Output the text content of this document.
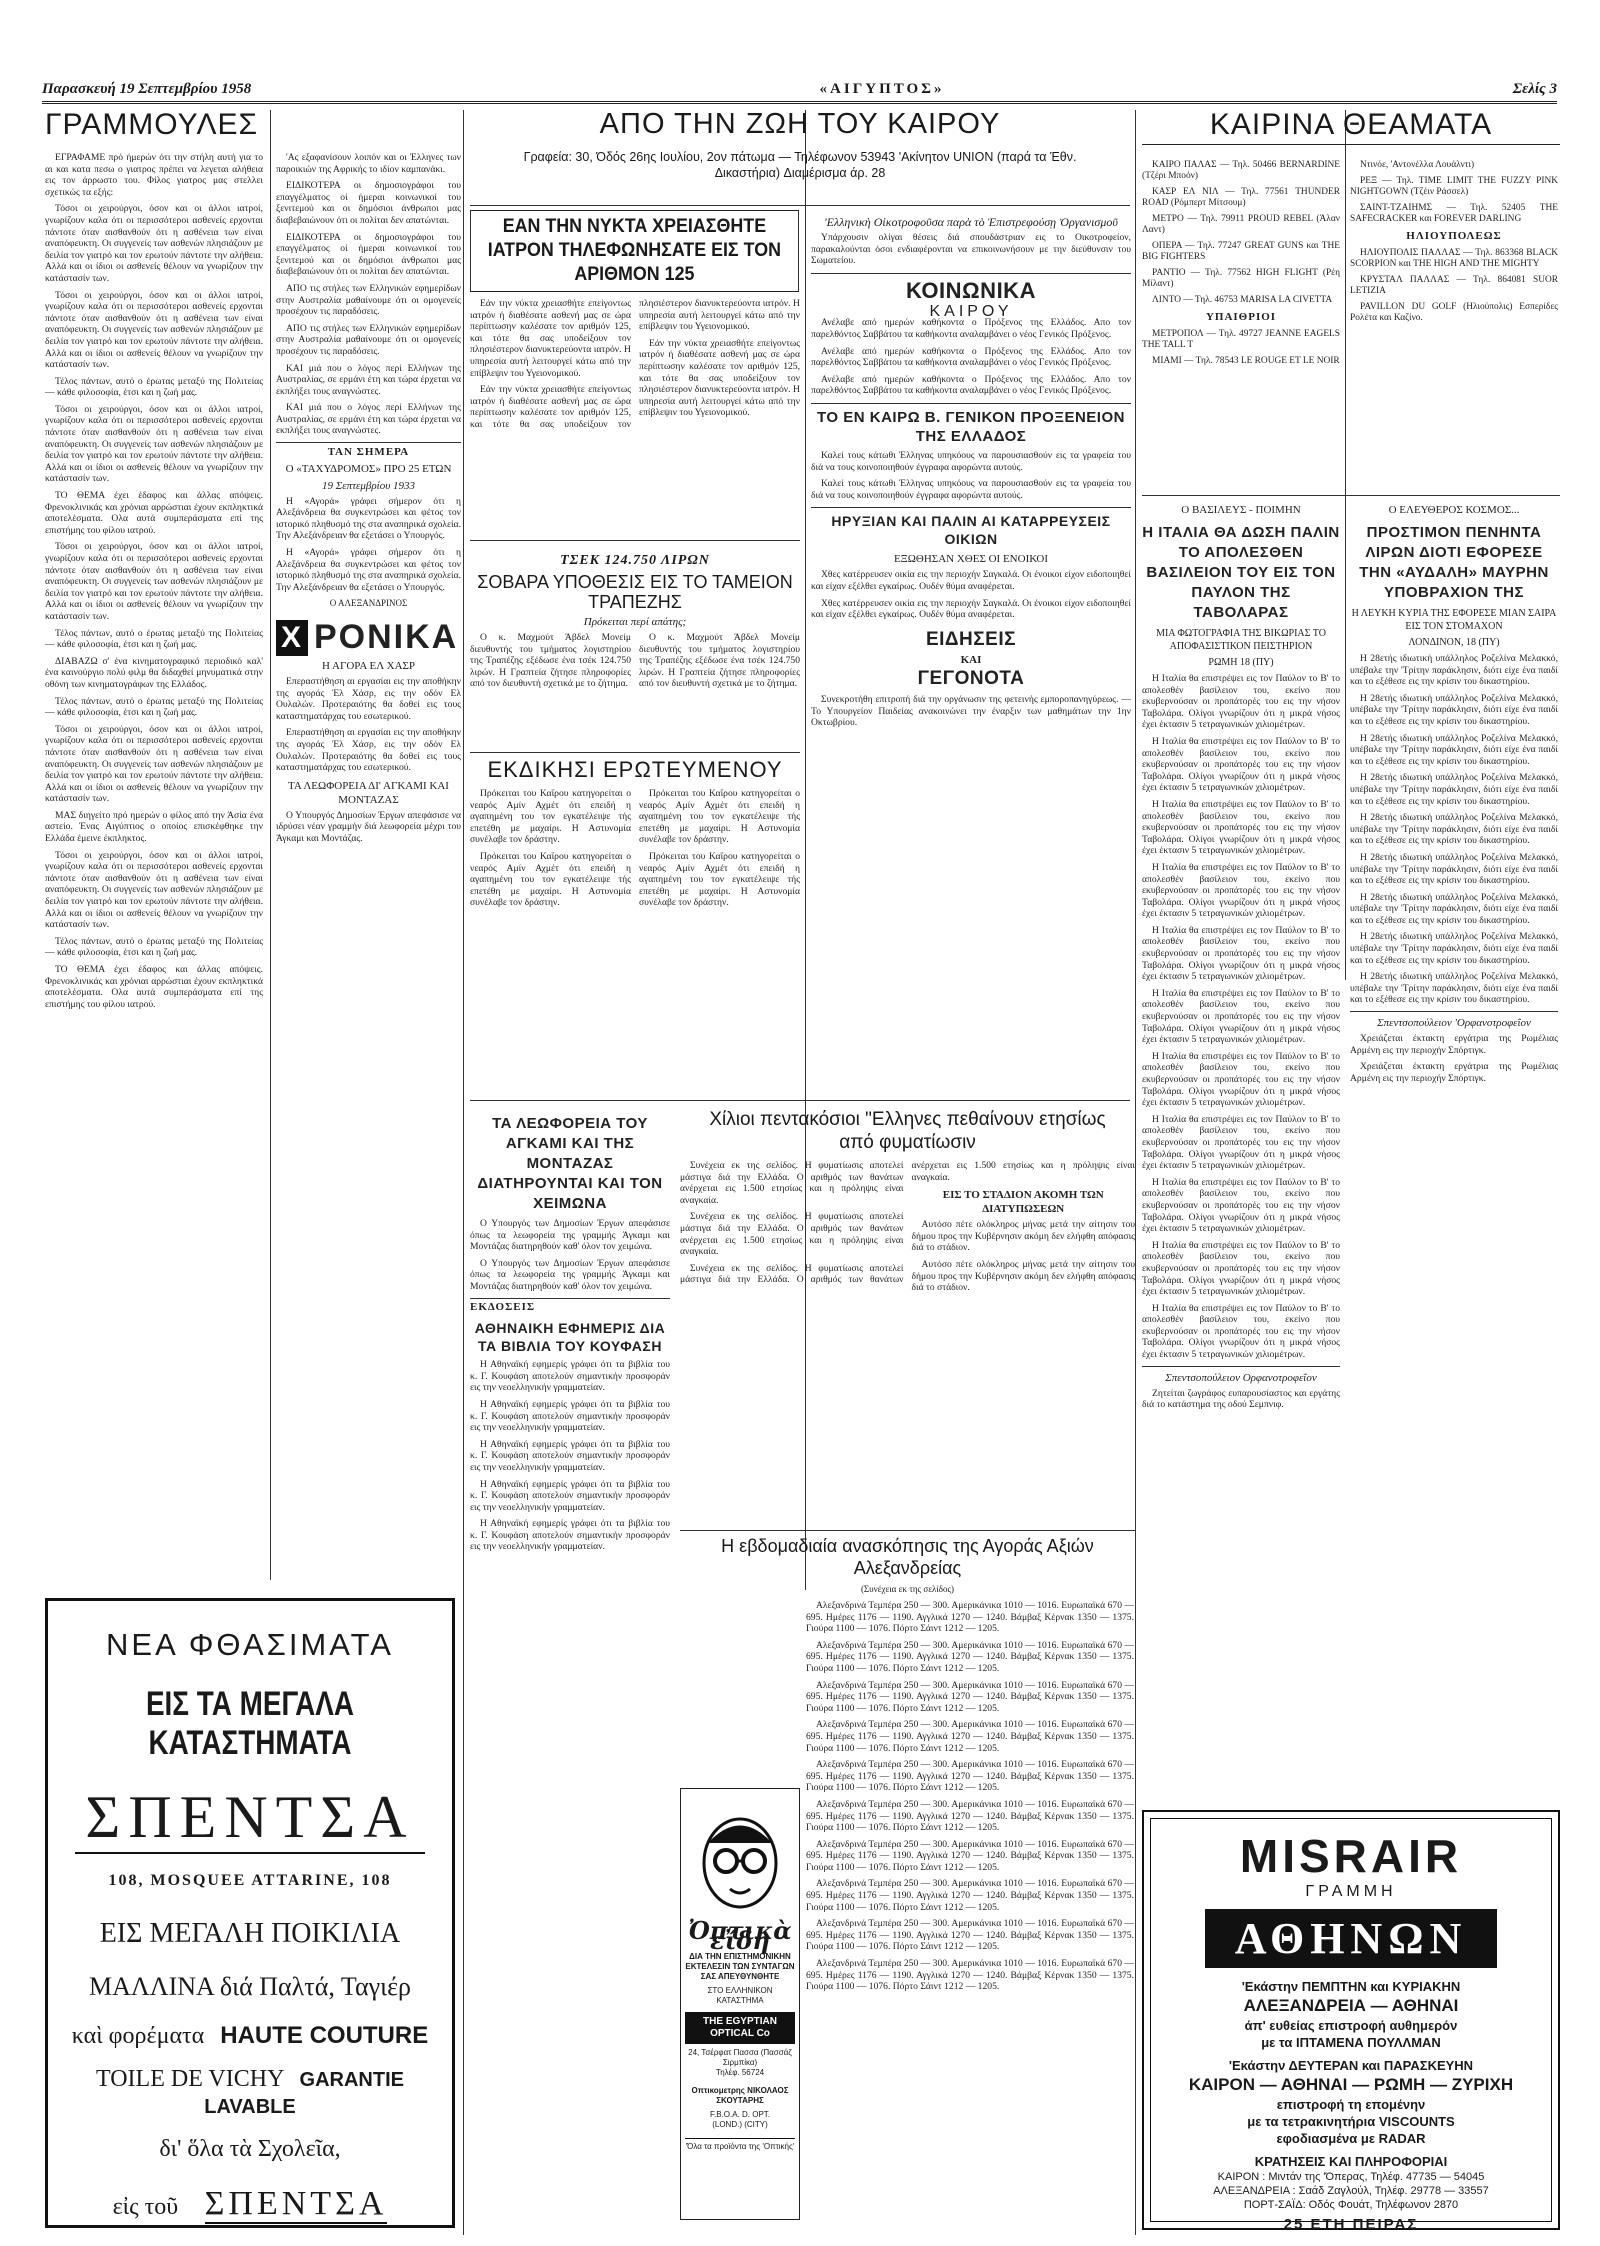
Παρασκευή 19 Σεπτεμβρίου 1958	«ΑΙΓΥΠΤΟΣ»	Σελίς 3
ΓΡΑΜΜΟΥΛΕΣ

ΕΓΡΑΦΑΜΕ πρό ήμερών ότι την στήλη αυτή για το αι και κατα πεσω ο γιατρος πρέπει να λεγεται αλήθεια εις τον άρρωστο του. Φίλος γιατρος μας στελλει σχετικώς τα εξής:

Τόσοι οι χειρούργοι, όσον και οι άλλοι ιατροί, γνωρίζουν καλα ότι οι περισσότεροι ασθενείς ερχονται πάντοτε όταν αισθανθούν ότι η ασθένεια των είναι αναπόφευκτη. Οι συγγενείς των ασθενών πλησιάζουν με δειλία τον γιατρό και τον ερωτούν πάντοτε την αλήθεια. Αλλά και οι ίδιοι οι ασθενείς θέλουν να γνωρίζουν την κατάστασίν των.

Τόσοι οι χειρούργοι, όσον και οι άλλοι ιατροί, γνωρίζουν καλα ότι οι περισσότεροι ασθενείς ερχονται πάντοτε όταν αισθανθούν ότι η ασθένεια των είναι αναπόφευκτη. Οι συγγενείς των ασθενών πλησιάζουν με δειλία τον γιατρό και τον ερωτούν πάντοτε την αλήθεια. Αλλά και οι ίδιοι οι ασθενείς θέλουν να γνωρίζουν την κατάστασίν των.

Τέλος πάντων, αυτό ο έρωτας μεταξύ της Πολιτείας — κάθε φιλοσοφία, έτσι και η ζωή μας.

Τόσοι οι χειρούργοι, όσον και οι άλλοι ιατροί, γνωρίζουν καλα ότι οι περισσότεροι ασθενείς ερχονται πάντοτε όταν αισθανθούν ότι η ασθένεια των είναι αναπόφευκτη. Οι συγγενείς των ασθενών πλησιάζουν με δειλία τον γιατρό και τον ερωτούν πάντοτε την αλήθεια. Αλλά και οι ίδιοι οι ασθενείς θέλουν να γνωρίζουν την κατάστασίν των.

ΤΟ ΘΕΜΑ έχει έδαφος και άλλας απόψεις. Φρενοκλινικάς και χρόνιαι αρρώστιαι έχουν εκπληκτικά αποτελέσματα. Ολα αυτά συμπεράσματα επί της επιστήμης του φίλου ιατρού.

Τόσοι οι χειρούργοι, όσον και οι άλλοι ιατροί, γνωρίζουν καλα ότι οι περισσότεροι ασθενείς ερχονται πάντοτε όταν αισθανθούν ότι η ασθένεια των είναι αναπόφευκτη. Οι συγγενείς των ασθενών πλησιάζουν με δειλία τον γιατρό και τον ερωτούν πάντοτε την αλήθεια. Αλλά και οι ίδιοι οι ασθενείς θέλουν να γνωρίζουν την κατάστασίν των.

Τέλος πάντων, αυτό ο έρωτας μεταξύ της Πολιτείας — κάθε φιλοσοφία, έτσι και η ζωή μας.

ΔΙΑΒΑΖΩ σ' ένα κινηματογραφικό περιοδικό καλ' ένα καινούργιο πολύ φιλμ θα διδαχθεί μηνυματικά στην οθόνη των κινηματογράφων της Ελλάδος.

Τέλος πάντων, αυτό ο έρωτας μεταξύ της Πολιτείας — κάθε φιλοσοφία, έτσι και η ζωή μας.

Τόσοι οι χειρούργοι, όσον και οι άλλοι ιατροί, γνωρίζουν καλα ότι οι περισσότεροι ασθενείς ερχονται πάντοτε όταν αισθανθούν ότι η ασθένεια των είναι αναπόφευκτη. Οι συγγενείς των ασθενών πλησιάζουν με δειλία τον γιατρό και τον ερωτούν πάντοτε την αλήθεια. Αλλά και οι ίδιοι οι ασθενείς θέλουν να γνωρίζουν την κατάστασίν των.

ΜΑΣ διηγείτο πρό ημερών ο φίλος από την Άσία ένα αστείο. Ένας Αιγύπτιος ο οποίος επισκέφθηκε την Ελλάδα έμεινε έκπληκτος.

Τόσοι οι χειρούργοι, όσον και οι άλλοι ιατροί, γνωρίζουν καλα ότι οι περισσότεροι ασθενείς ερχονται πάντοτε όταν αισθανθούν ότι η ασθένεια των είναι αναπόφευκτη. Οι συγγενείς των ασθενών πλησιάζουν με δειλία τον γιατρό και τον ερωτούν πάντοτε την αλήθεια. Αλλά και οι ίδιοι οι ασθενείς θέλουν να γνωρίζουν την κατάστασίν των.

Τέλος πάντων, αυτό ο έρωτας μεταξύ της Πολιτείας — κάθε φιλοσοφία, έτσι και η ζωή μας.

ΤΟ ΘΕΜΑ έχει έδαφος και άλλας απόψεις. Φρενοκλινικάς και χρόνιαι αρρώστιαι έχουν εκπληκτικά αποτελέσματα. Ολα αυτά συμπεράσματα επί της επιστήμης του φίλου ιατρού.

'Ας εξαφανίσουν λοιπόν και οι Έλληνες των παροικιών της Αφρικής το ιδίον καμπανάκι.

ΕΙΔΙΚΟΤΕΡΑ οι δημοσιογράφοι του επαγγέλματος οί ήμεραι κοινωνικοί του ξενιτεμού και οι δημόσιοι άνθρωποι μας διαβεβαιώνουν ότι οι πολίται δεν απατώνται.

ΕΙΔΙΚΟΤΕΡΑ οι δημοσιογράφοι του επαγγέλματος οί ήμεραι κοινωνικοί του ξενιτεμού και οι δημόσιοι άνθρωποι μας διαβεβαιώνουν ότι οι πολίται δεν απατώνται.

ΑΠΟ τις στήλες των Ελληνικών εφημερίδων στην Αυστραλία μαθαίνουμε ότι οι ομογενείς προσέχουν τις παραδόσεις.

ΑΠΟ τις στήλες των Ελληνικών εφημερίδων στην Αυστραλία μαθαίνουμε ότι οι ομογενείς προσέχουν τις παραδόσεις.

ΚΑΙ μιά που ο λόγος περί Ελλήνων της Αυστραλίας, σε ερμάνι έτη και τώρα έρχεται να εκπλήξει τους αναγνώστες.

ΚΑΙ μιά που ο λόγος περί Ελλήνων της Αυστραλίας, σε ερμάνι έτη και τώρα έρχεται να εκπλήξει τους αναγνώστες.

ΤΑΝ ΣΗΜΕΡΑ
Ο «ΤΑΧΥΔΡΟΜΟΣ» ΠΡΟ 25 ΕΤΩΝ
19 Σεπτεμβρίου 1933

Η «Αγορά» γράφει σήμερον ότι η Αλεξάνδρεια θα συγκεντρώσει και φέτος τον ιστορικό πληθυσμό της στα αναπηρικά σχολεία. Την Αλεξάνδρειαν θα εξετάσει ο Υπουργός.

Η «Αγορά» γράφει σήμερον ότι η Αλεξάνδρεια θα συγκεντρώσει και φέτος τον ιστορικό πληθυσμό της στα αναπηρικά σχολεία. Την Αλεξάνδρειαν θα εξετάσει ο Υπουργός.

Ο ΑΛΕΞΑΝΔΡΙΝΟΣ
Χ ΡΟΝΙΚΑ
Η ΑΓΟΡΑ ΕΛ ΧΑΣΡ

Επεραστήθηση αι εργασίαι εις την αποθήκην της αγοράς Έλ Χάσρ, εις την οδόν Ελ Ουλαλών. Προτεραιότης θα δοθεί εις τους καταστηματάρχας του εσωτερικού.

Επεραστήθηση αι εργασίαι εις την αποθήκην της αγοράς Έλ Χάσρ, εις την οδόν Ελ Ουλαλών. Προτεραιότης θα δοθεί εις τους καταστηματάρχας του εσωτερικού.

ΤΑ ΛΕΩΦΟΡΕΙΑ ΔΙ' ΑΓΚΑΜΙ ΚΑΙ ΜΟΝΤΑΖΑΣ

Ο Υπουργός Δημοσίων Έργων απεφάσισε να ιδρύσει νέαν γραμμήν διά λεωφορεία μέχρι του Άγκαμι και Μοντάζας.

ΝΕΑ ΦΘΑΣΙΜΑΤΑ
ΕΙΣ ΤΑ ΜΕΓΑΛΑ ΚΑΤΑΣΤΗΜΑΤΑ
ΣΠΕΝΤΣΑ
108, MOSQUEE ATTARINE, 108
ΕΙΣ ΜΕΓΑΛΗ ΠΟΙΚΙΛΙΑ
ΜΑΛΛΙΝΑ διά Παλτά, Ταγιέρ
καὶ φορέματα HAUTE COUTURE
TOILE DE VICHY GARANTIE LAVABLE
δι' ὅλα τὰ Σχολεῖα,
εἰς τοῦ ΣΠΕΝΤΣΑ
ΑΠΟ ΤΗΝ ΖΩΗ ΤΟΥ ΚΑΙΡΟΥ
Γραφεία: 30, Όδός 26ης Ιουλίου, 2ον πάτωμα — Τηλέφωνον 53943 'Ακίνητον UNION (παρά τα Έθν. Δικαστήρια) Διαμέρισμα άρ. 28
ΕΑΝ ΤΗΝ ΝΥΚΤΑ ΧΡΕΙΑΣΘΗΤΕ ΙΑΤΡΟΝ ΤΗΛΕΦΩΝΗΣΑΤΕ ΕΙΣ ΤΟΝ ΑΡΙΘΜΟΝ 125

Εάν την νύκτα χρειασθήτε επείγοντως ιατρόν ή διαθέσατε ασθενή μας σε ώρα περίπτωσην καλέσατε τον αριθμόν 125, και τότε θα σας υποδείξουν τον πλησιέστερον διανυκτερεύοντα ιατρόν. Η υπηρεσία αυτή λειτουργεί κάτω από την επίβλεψιν του Υγειονομικού.

Εάν την νύκτα χρειασθήτε επείγοντως ιατρόν ή διαθέσατε ασθενή μας σε ώρα περίπτωσην καλέσατε τον αριθμόν 125, και τότε θα σας υποδείξουν τον πλησιέστερον διανυκτερεύοντα ιατρόν. Η υπηρεσία αυτή λειτουργεί κάτω από την επίβλεψιν του Υγειονομικού.

Εάν την νύκτα χρειασθήτε επείγοντως ιατρόν ή διαθέσατε ασθενή μας σε ώρα περίπτωσην καλέσατε τον αριθμόν 125, και τότε θα σας υποδείξουν τον πλησιέστερον διανυκτερεύοντα ιατρόν. Η υπηρεσία αυτή λειτουργεί κάτω από την επίβλεψιν του Υγειονομικού.

ΤΣΕΚ 124.750 ΛΙΡΩΝ
ΣΟΒΑΡΑ ΥΠΟΘΕΣΙΣ ΕΙΣ ΤΟ ΤΑΜΕΙΟΝ ΤΡΑΠΕΖΗΣ
Πρόκειται περί απάτης;

Ο κ. Μαχμούτ Άβδελ Μονείμ διευθυντής του τμήματος λογιστηρίου της Τραπέζης εξέδωσε ένα τσέκ 124.750 λιρών. Η Γραπτεία ζήτησε πληροφορίες από τον διευθυντή σχετικά με το ζήτημα.

Ο κ. Μαχμούτ Άβδελ Μονείμ διευθυντής του τμήματος λογιστηρίου της Τραπέζης εξέδωσε ένα τσέκ 124.750 λιρών. Η Γραπτεία ζήτησε πληροφορίες από τον διευθυντή σχετικά με το ζήτημα.

ΕΚΔΙΚΗΣΙ ΕΡΩΤΕΥΜΕΝΟΥ

Πρόκειται του Καΐρου κατηγορείται ο νεαρός Αμίν Αχμέτ ότι επειδή η αγαπημένη του τον εγκατέλειψε τής επετέθη με μαχαίρι. Η Αστυνομία συνέλαβε τον δράστην.

Πρόκειται του Καΐρου κατηγορείται ο νεαρός Αμίν Αχμέτ ότι επειδή η αγαπημένη του τον εγκατέλειψε τής επετέθη με μαχαίρι. Η Αστυνομία συνέλαβε τον δράστην.

Πρόκειται του Καΐρου κατηγορείται ο νεαρός Αμίν Αχμέτ ότι επειδή η αγαπημένη του τον εγκατέλειψε τής επετέθη με μαχαίρι. Η Αστυνομία συνέλαβε τον δράστην.

Πρόκειται του Καΐρου κατηγορείται ο νεαρός Αμίν Αχμέτ ότι επειδή η αγαπημένη του τον εγκατέλειψε τής επετέθη με μαχαίρι. Η Αστυνομία συνέλαβε τον δράστην.

'Ελληνικὴ Οἰκοτροφοῦσα παρὰ τὸ Ἐπιστρεφούσῃ Ὀργανισμοῦ

Υπάρχουσιν ολίγαι θέσεις διά σπουδάστριαν εις το Οικοτροφείον, παρακαλούνται όσοι ενδιαφέρονται να επικοινωνήσουν με την διεύθυνσιν του Σωματείου.

ΚΟΙΝΩΝΙΚΑ
ΚΑΙΡΟΥ

Ανέλαβε από ημερών καθήκοντα ο Πρόξενος της Ελλάδος. Απο τον παρελθόντος Σαββάτου τα καθήκοντα αναλαμβάνει ο νέος Γενικός Πρόξενος.

Ανέλαβε από ημερών καθήκοντα ο Πρόξενος της Ελλάδος. Απο τον παρελθόντος Σαββάτου τα καθήκοντα αναλαμβάνει ο νέος Γενικός Πρόξενος.

Ανέλαβε από ημερών καθήκοντα ο Πρόξενος της Ελλάδος. Απο τον παρελθόντος Σαββάτου τα καθήκοντα αναλαμβάνει ο νέος Γενικός Πρόξενος.

ΤΟ ΕΝ ΚΑΙΡΩ Β. ΓΕΝΙΚΟΝ ΠΡΟΞΕΝΕΙΟΝ ΤΗΣ ΕΛΛΑΔΟΣ

Καλεί τους κάτωθι Έλληνας υπηκόους να παρουσιασθούν εις τα γραφεία του διά να τους κοινοποιηθούν έγγραφα αφορώντα αυτούς.

Καλεί τους κάτωθι Έλληνας υπηκόους να παρουσιασθούν εις τα γραφεία του διά να τους κοινοποιηθούν έγγραφα αφορώντα αυτούς.

ΗΡΥΞΙΑΝ ΚΑΙ ΠΑΛΙΝ ΑΙ ΚΑΤΑΡΡΕΥΣΕΙΣ ΟΙΚΙΩΝ
ΕΞΩΘΗΣΑΝ ΧΘΕΣ ΟΙ ΕΝΟΙΚΟΙ

Χθες κατέρρευσεν οικία εις την περιοχήν Σαγκαλά. Οι ένοικοι είχον ειδοποιηθεί και είχαν εξέλθει εγκαίρως. Ουδέν θύμα αναφέρεται.

Χθες κατέρρευσεν οικία εις την περιοχήν Σαγκαλά. Οι ένοικοι είχον ειδοποιηθεί και είχαν εξέλθει εγκαίρως. Ουδέν θύμα αναφέρεται.

ΕΙΔΗΣΕΙΣ
ΚΑΙ
ΓΕΓΟΝΟΤΑ

Συνεκροτήθη επιτροπή διά την οργάνωσιν της φετεινής εμποροπανηγύρεως. — Το Υπουργείον Παιδείας ανακοινώνει την έναρξιν των μαθημάτων την 1ην Οκτωβρίου.

ΤΑ ΛΕΩΦΟΡΕΙΑ ΤΟΥ ΑΓΚΑΜΙ ΚΑΙ ΤΗΣ ΜΟΝΤΑΖΑΣ ΔΙΑΤΗΡΟΥΝΤΑΙ ΚΑΙ ΤΟΝ ΧΕΙΜΩΝΑ

Ο Υπουργός των Δημοσίων Έργων απεφάσισε όπως τα λεωφορεία της γραμμής Άγκαμι και Μοντάζας διατηρηθούν καθ' όλον τον χειμώνα.

Ο Υπουργός των Δημοσίων Έργων απεφάσισε όπως τα λεωφορεία της γραμμής Άγκαμι και Μοντάζας διατηρηθούν καθ' όλον τον χειμώνα.

ΕΚΔΟΣΕΙΣ
ΑΘΗΝΑΙΚΗ ΕΦΗΜΕΡΙΣ ΔΙΑ ΤΑ ΒΙΒΛΙΑ ΤΟΥ ΚΟΥΦΑΣΗ

Η Αθηναϊκή εφημερίς γράφει ότι τα βιβλία του κ. Γ. Κουφάση αποτελούν σημαντικήν προσφοράν εις την νεοελληνικήν γραμματείαν.

Η Αθηναϊκή εφημερίς γράφει ότι τα βιβλία του κ. Γ. Κουφάση αποτελούν σημαντικήν προσφοράν εις την νεοελληνικήν γραμματείαν.

Η Αθηναϊκή εφημερίς γράφει ότι τα βιβλία του κ. Γ. Κουφάση αποτελούν σημαντικήν προσφοράν εις την νεοελληνικήν γραμματείαν.

Η Αθηναϊκή εφημερίς γράφει ότι τα βιβλία του κ. Γ. Κουφάση αποτελούν σημαντικήν προσφοράν εις την νεοελληνικήν γραμματείαν.

Η Αθηναϊκή εφημερίς γράφει ότι τα βιβλία του κ. Γ. Κουφάση αποτελούν σημαντικήν προσφοράν εις την νεοελληνικήν γραμματείαν.

Χίλιοι πεντακόσιοι "Ελληνες πεθαίνουν ετησίως από φυματίωσιν

Συνέχεια εκ της σελίδος. Η φυματίωσις αποτελεί μάστιγα διά την Ελλάδα. Ο αριθμός των θανάτων ανέρχεται εις 1.500 ετησίως και η πρόληψις είναι αναγκαία.

Συνέχεια εκ της σελίδος. Η φυματίωσις αποτελεί μάστιγα διά την Ελλάδα. Ο αριθμός των θανάτων ανέρχεται εις 1.500 ετησίως και η πρόληψις είναι αναγκαία.

Συνέχεια εκ της σελίδος. Η φυματίωσις αποτελεί μάστιγα διά την Ελλάδα. Ο αριθμός των θανάτων ανέρχεται εις 1.500 ετησίως και η πρόληψις είναι αναγκαία.

ΕΙΣ ΤΟ ΣΤΑΔΙΟΝ ΑΚΟΜΗ ΤΩΝ ΔΙΑΤΥΠΩΣΕΩΝ

Αυτόσο πέτε ολόκληρος μήνας μετά την αίτησιν του δήμου προς την Κυβέρνησιν ακόμη δεν ελήφθη απόφασις διά το στάδιον.

Αυτόσο πέτε ολόκληρος μήνας μετά την αίτησιν του δήμου προς την Κυβέρνησιν ακόμη δεν ελήφθη απόφασις διά το στάδιον.

Η εβδομαδιαία ανασκόπησις της Αγοράς Αξιών Αλεξανδρείας
(Συνέχεια εκ της σελίδος)

Αλεξανδρινά Τεμπέρα 250 — 300. Αμερικάνικα 1010 — 1016. Ευρωπαϊκά 670 — 695. Ημέρες 1176 — 1190. Αγγλικά 1270 — 1240. Βάμβαξ Κέρνακ 1350 — 1375. Γιούρα 1100 — 1076. Πόρτο Σάιντ 1212 — 1205.

Αλεξανδρινά Τεμπέρα 250 — 300. Αμερικάνικα 1010 — 1016. Ευρωπαϊκά 670 — 695. Ημέρες 1176 — 1190. Αγγλικά 1270 — 1240. Βάμβαξ Κέρνακ 1350 — 1375. Γιούρα 1100 — 1076. Πόρτο Σάιντ 1212 — 1205.

Αλεξανδρινά Τεμπέρα 250 — 300. Αμερικάνικα 1010 — 1016. Ευρωπαϊκά 670 — 695. Ημέρες 1176 — 1190. Αγγλικά 1270 — 1240. Βάμβαξ Κέρνακ 1350 — 1375. Γιούρα 1100 — 1076. Πόρτο Σάιντ 1212 — 1205.

Αλεξανδρινά Τεμπέρα 250 — 300. Αμερικάνικα 1010 — 1016. Ευρωπαϊκά 670 — 695. Ημέρες 1176 — 1190. Αγγλικά 1270 — 1240. Βάμβαξ Κέρνακ 1350 — 1375. Γιούρα 1100 — 1076. Πόρτο Σάιντ 1212 — 1205.

Αλεξανδρινά Τεμπέρα 250 — 300. Αμερικάνικα 1010 — 1016. Ευρωπαϊκά 670 — 695. Ημέρες 1176 — 1190. Αγγλικά 1270 — 1240. Βάμβαξ Κέρνακ 1350 — 1375. Γιούρα 1100 — 1076. Πόρτο Σάιντ 1212 — 1205.

Αλεξανδρινά Τεμπέρα 250 — 300. Αμερικάνικα 1010 — 1016. Ευρωπαϊκά 670 — 695. Ημέρες 1176 — 1190. Αγγλικά 1270 — 1240. Βάμβαξ Κέρνακ 1350 — 1375. Γιούρα 1100 — 1076. Πόρτο Σάιντ 1212 — 1205.

Αλεξανδρινά Τεμπέρα 250 — 300. Αμερικάνικα 1010 — 1016. Ευρωπαϊκά 670 — 695. Ημέρες 1176 — 1190. Αγγλικά 1270 — 1240. Βάμβαξ Κέρνακ 1350 — 1375. Γιούρα 1100 — 1076. Πόρτο Σάιντ 1212 — 1205.

Αλεξανδρινά Τεμπέρα 250 — 300. Αμερικάνικα 1010 — 1016. Ευρωπαϊκά 670 — 695. Ημέρες 1176 — 1190. Αγγλικά 1270 — 1240. Βάμβαξ Κέρνακ 1350 — 1375. Γιούρα 1100 — 1076. Πόρτο Σάιντ 1212 — 1205.

Αλεξανδρινά Τεμπέρα 250 — 300. Αμερικάνικα 1010 — 1016. Ευρωπαϊκά 670 — 695. Ημέρες 1176 — 1190. Αγγλικά 1270 — 1240. Βάμβαξ Κέρνακ 1350 — 1375. Γιούρα 1100 — 1076. Πόρτο Σάιντ 1212 — 1205.

Αλεξανδρινά Τεμπέρα 250 — 300. Αμερικάνικα 1010 — 1016. Ευρωπαϊκά 670 — 695. Ημέρες 1176 — 1190. Αγγλικά 1270 — 1240. Βάμβαξ Κέρνακ 1350 — 1375. Γιούρα 1100 — 1076. Πόρτο Σάιντ 1212 — 1205.

Ὀπτικὰ εἴδη
ΔΙΑ ΤΗΝ ΕΠΙΣΤΗΜΟΝΙΚΗΝ ΕΚΤΕΛΕΣΙΝ ΤΩΝ ΣΥΝΤΑΓΩΝ ΣΑΣ ΑΠΕΥΘΥΝΘΗΤΕ
ΣΤΟ ΕΛΛΗΝΙΚΟΝ ΚΑΤΑΣΤΗΜΑ
THE EGYPTIAN OPTICAL Co
24, Τσέρφατ Πασσα (Πασσάζ Σιρμπίκα)
Τηλέφ. 56724
Οπτικομετρης ΝΙΚΟΛΑΟΣ ΣΚΟΥΤΑΡΗΣ
F.B.O.A. D. OPT.
(LOND.) (CITY)
'Όλα τα προϊόντα της 'Οπτικής'
ΚΑΙΡΙΝΑ ΘΕΑΜΑΤΑ

ΚΑΙΡΟ ΠΑΛΑΣ — Τηλ. 50466 BERNARDINE (Τζέρι Μποόν)

ΚΑΣΡ ΕΛ ΝΙΛ — Τηλ. 77561 THUNDER ROAD (Ρόμπερτ Μίτσουμ)

ΜΕΤΡΟ — Τηλ. 79911 PROUD REBEL (Άλαν Λαντ)

ΟΠΕΡΑ — Τηλ. 77247 GREAT GUNS και THE BIG FIGHTERS

ΡΑΝΤΙΟ — Τηλ. 77562 HIGH FLIGHT (Ρέη Μίλαντ)

ΛΙΝΤΟ — Τηλ. 46753 MARISA LA CIVETTA

ΥΠΑΙΘΡΙΟΙ

ΜΕΤΡΟΠΟΛ — Τηλ. 49727 JEANNE EAGELS THE TALL T

ΜΙΑΜΙ — Τηλ. 78543 LE ROUGE ET LE NOIR

Ντινόε, 'Αντονέλλα Λουάλντι)

ΡΕΞ — Τηλ. TIME LIMIT THE FUZZY PINK NIGHTGOWN (Τζέιν Ράσσελ)

ΣΑΙΝΤ-ΤΖΑΙΗΜΣ — Τηλ. 52405 THE SAFECRACKER και FOREVER DARLING

ΗΛΙΟΥΠΟΛΕΩΣ

ΗΛΙΟΥΠΟΛΙΣ ΠΑΛΛΑΣ — Τηλ. 863368 BLACK SCORPION και THE HIGH AND THE MIGHTY

ΚΡΥΣΤΑΛ ΠΑΛΛΑΣ — Τηλ. 864081 SUOR LETIZIA

PAVILLON DU GOLF (Ηλιούπολις) Εσπερίδες Ρολέτα και Καζίνο.

Ο ΒΑΣΙΛΕΥΣ - ΠΟΙΜΗΝ
Η ΙΤΑΛΙΑ ΘΑ ΔΩΣΗ ΠΑΛΙΝ ΤΟ ΑΠΟΛΕΣΘΕΝ ΒΑΣΙΛΕΙΟΝ ΤΟΥ ΕΙΣ ΤΟΝ ΠΑΥΛΟΝ ΤΗΣ ΤΑΒΟΛΑΡΑΣ
ΜΙΑ ΦΩΤΟΓΡΑΦΙΑ ΤΗΣ ΒΙΚΩΡΙΑΣ ΤΟ ΑΠΟΦΑΣΙΣΤΙΚΟΝ ΠΕΙΣΤΗΡΙΟΝ
ΡΩΜΗ 18 (ΠΥ)

Η Ιταλία θα επιστρέψει εις τον Παύλον το Β' το απολεσθέν βασίλειον του, εκείνο που εκυβερνούσαν οι προπάτορές του εις την νήσον Ταβολάρα. Ολίγοι γνωρίζουν ότι η μικρά νήσος έχει έκτασιν 5 τετραγωνικών χιλιομέτρων.

Η Ιταλία θα επιστρέψει εις τον Παύλον το Β' το απολεσθέν βασίλειον του, εκείνο που εκυβερνούσαν οι προπάτορές του εις την νήσον Ταβολάρα. Ολίγοι γνωρίζουν ότι η μικρά νήσος έχει έκτασιν 5 τετραγωνικών χιλιομέτρων.

Η Ιταλία θα επιστρέψει εις τον Παύλον το Β' το απολεσθέν βασίλειον του, εκείνο που εκυβερνούσαν οι προπάτορές του εις την νήσον Ταβολάρα. Ολίγοι γνωρίζουν ότι η μικρά νήσος έχει έκτασιν 5 τετραγωνικών χιλιομέτρων.

Η Ιταλία θα επιστρέψει εις τον Παύλον το Β' το απολεσθέν βασίλειον του, εκείνο που εκυβερνούσαν οι προπάτορές του εις την νήσον Ταβολάρα. Ολίγοι γνωρίζουν ότι η μικρά νήσος έχει έκτασιν 5 τετραγωνικών χιλιομέτρων.

Η Ιταλία θα επιστρέψει εις τον Παύλον το Β' το απολεσθέν βασίλειον του, εκείνο που εκυβερνούσαν οι προπάτορές του εις την νήσον Ταβολάρα. Ολίγοι γνωρίζουν ότι η μικρά νήσος έχει έκτασιν 5 τετραγωνικών χιλιομέτρων.

Η Ιταλία θα επιστρέψει εις τον Παύλον το Β' το απολεσθέν βασίλειον του, εκείνο που εκυβερνούσαν οι προπάτορές του εις την νήσον Ταβολάρα. Ολίγοι γνωρίζουν ότι η μικρά νήσος έχει έκτασιν 5 τετραγωνικών χιλιομέτρων.

Η Ιταλία θα επιστρέψει εις τον Παύλον το Β' το απολεσθέν βασίλειον του, εκείνο που εκυβερνούσαν οι προπάτορές του εις την νήσον Ταβολάρα. Ολίγοι γνωρίζουν ότι η μικρά νήσος έχει έκτασιν 5 τετραγωνικών χιλιομέτρων.

Η Ιταλία θα επιστρέψει εις τον Παύλον το Β' το απολεσθέν βασίλειον του, εκείνο που εκυβερνούσαν οι προπάτορές του εις την νήσον Ταβολάρα. Ολίγοι γνωρίζουν ότι η μικρά νήσος έχει έκτασιν 5 τετραγωνικών χιλιομέτρων.

Η Ιταλία θα επιστρέψει εις τον Παύλον το Β' το απολεσθέν βασίλειον του, εκείνο που εκυβερνούσαν οι προπάτορές του εις την νήσον Ταβολάρα. Ολίγοι γνωρίζουν ότι η μικρά νήσος έχει έκτασιν 5 τετραγωνικών χιλιομέτρων.

Η Ιταλία θα επιστρέψει εις τον Παύλον το Β' το απολεσθέν βασίλειον του, εκείνο που εκυβερνούσαν οι προπάτορές του εις την νήσον Ταβολάρα. Ολίγοι γνωρίζουν ότι η μικρά νήσος έχει έκτασιν 5 τετραγωνικών χιλιομέτρων.

Η Ιταλία θα επιστρέψει εις τον Παύλον το Β' το απολεσθέν βασίλειον του, εκείνο που εκυβερνούσαν οι προπάτορές του εις την νήσον Ταβολάρα. Ολίγοι γνωρίζουν ότι η μικρά νήσος έχει έκτασιν 5 τετραγωνικών χιλιομέτρων.

Σπεντσοπούλειον Ορφανοτροφεΐον

Ζητείται ζωγράφος ευπαρουσίαστος και εργάτης διά το κατάστημα της οδού Σεμπνιφ.

Ο ΕΛΕΥΘΕΡΟΣ ΚΟΣΜΟΣ...
ΠΡΟΣΤΙΜΟΝ ΠΕΝΗΝΤΑ ΛΙΡΩΝ ΔΙΟΤΙ ΕΦΟΡΕΣΕ ΤΗΝ «ΑΥΔΑΛΗ» ΜΑΥΡΗΝ ΥΠΟΒΡΑΧΙΟΝ ΤΗΣ
Η ΛΕΥΚΗ ΚΥΡΙΑ ΤΗΣ ΕΦΟΡΕΣΕ ΜΙΑΝ ΣΑΙΡΑ ΕΙΣ ΤΟΝ ΣΤΟΜΑΧΟΝ
ΛΟΝΔΙΝΟΝ, 18 (ΠΥ)

Η 28ετής ιδιωτική υπάλληλος Ροζελίνα Μελακκό, υπέβαλε την 'Τρίτην παράκλησιν, διότι είχε ένα παιδί και το εξέθεσε εις την κρίσιν του δικαστηρίου.

Η 28ετής ιδιωτική υπάλληλος Ροζελίνα Μελακκό, υπέβαλε την 'Τρίτην παράκλησιν, διότι είχε ένα παιδί και το εξέθεσε εις την κρίσιν του δικαστηρίου.

Η 28ετής ιδιωτική υπάλληλος Ροζελίνα Μελακκό, υπέβαλε την 'Τρίτην παράκλησιν, διότι είχε ένα παιδί και το εξέθεσε εις την κρίσιν του δικαστηρίου.

Η 28ετής ιδιωτική υπάλληλος Ροζελίνα Μελακκό, υπέβαλε την 'Τρίτην παράκλησιν, διότι είχε ένα παιδί και το εξέθεσε εις την κρίσιν του δικαστηρίου.

Η 28ετής ιδιωτική υπάλληλος Ροζελίνα Μελακκό, υπέβαλε την 'Τρίτην παράκλησιν, διότι είχε ένα παιδί και το εξέθεσε εις την κρίσιν του δικαστηρίου.

Η 28ετής ιδιωτική υπάλληλος Ροζελίνα Μελακκό, υπέβαλε την 'Τρίτην παράκλησιν, διότι είχε ένα παιδί και το εξέθεσε εις την κρίσιν του δικαστηρίου.

Η 28ετής ιδιωτική υπάλληλος Ροζελίνα Μελακκό, υπέβαλε την 'Τρίτην παράκλησιν, διότι είχε ένα παιδί και το εξέθεσε εις την κρίσιν του δικαστηρίου.

Η 28ετής ιδιωτική υπάλληλος Ροζελίνα Μελακκό, υπέβαλε την 'Τρίτην παράκλησιν, διότι είχε ένα παιδί και το εξέθεσε εις την κρίσιν του δικαστηρίου.

Η 28ετής ιδιωτική υπάλληλος Ροζελίνα Μελακκό, υπέβαλε την 'Τρίτην παράκλησιν, διότι είχε ένα παιδί και το εξέθεσε εις την κρίσιν του δικαστηρίου.

Σπεντσοπούλειον 'Ορφανοτροφεΐον

Χρειάζεται έκτακτη εργάτρια της Ρωμέλιας Αρμένη εις την περιοχήν Σπόρτιγκ.

Χρειάζεται έκτακτη εργάτρια της Ρωμέλιας Αρμένη εις την περιοχήν Σπόρτιγκ.

MISRAIR
ΓΡΑΜΜΗ
ΑΘΗΝΩΝ
'Εκάστην ΠΕΜΠΤΗΝ και ΚΥΡΙΑΚΗΝ
ΑΛΕΞΑΝΔΡΕΙΑ — ΑΘΗΝΑΙ
άπ' ευθείας επιστροφή αυθημερόν
με τα ΙΠΤΑΜΕΝΑ ΠΟΥΛΛΜΑΝ
'Εκάστην ΔΕΥΤΕΡΑΝ και ΠΑΡΑΣΚΕΥΗΝ
ΚΑΙΡΟΝ — ΑΘΗΝΑΙ — ΡΩΜΗ — ΖΥΡΙΧΗ
επιστροφή τη επομένην
με τα τετρακινητήρια VISCOUNTS
εφοδιασμένα με RADAR
ΚΡΑΤΗΣΕΙΣ ΚΑΙ ΠΛΗΡΟΦΟΡΙΑΙ
ΚΑΙΡΟΝ : Μιντάν της 'Όπερας, Τηλέφ. 47735 — 54045
ΑΛΕΞΑΝΔΡΕΙΑ : Σαάδ Ζαγλούλ, Τηλέφ. 29778 — 33557
ΠΟΡΤ-ΣΑΪΔ: Οδός Φουάτ, Τηλέφωνον 2870
25 ΕΤΗ ΠΕΙΡΑΣ
